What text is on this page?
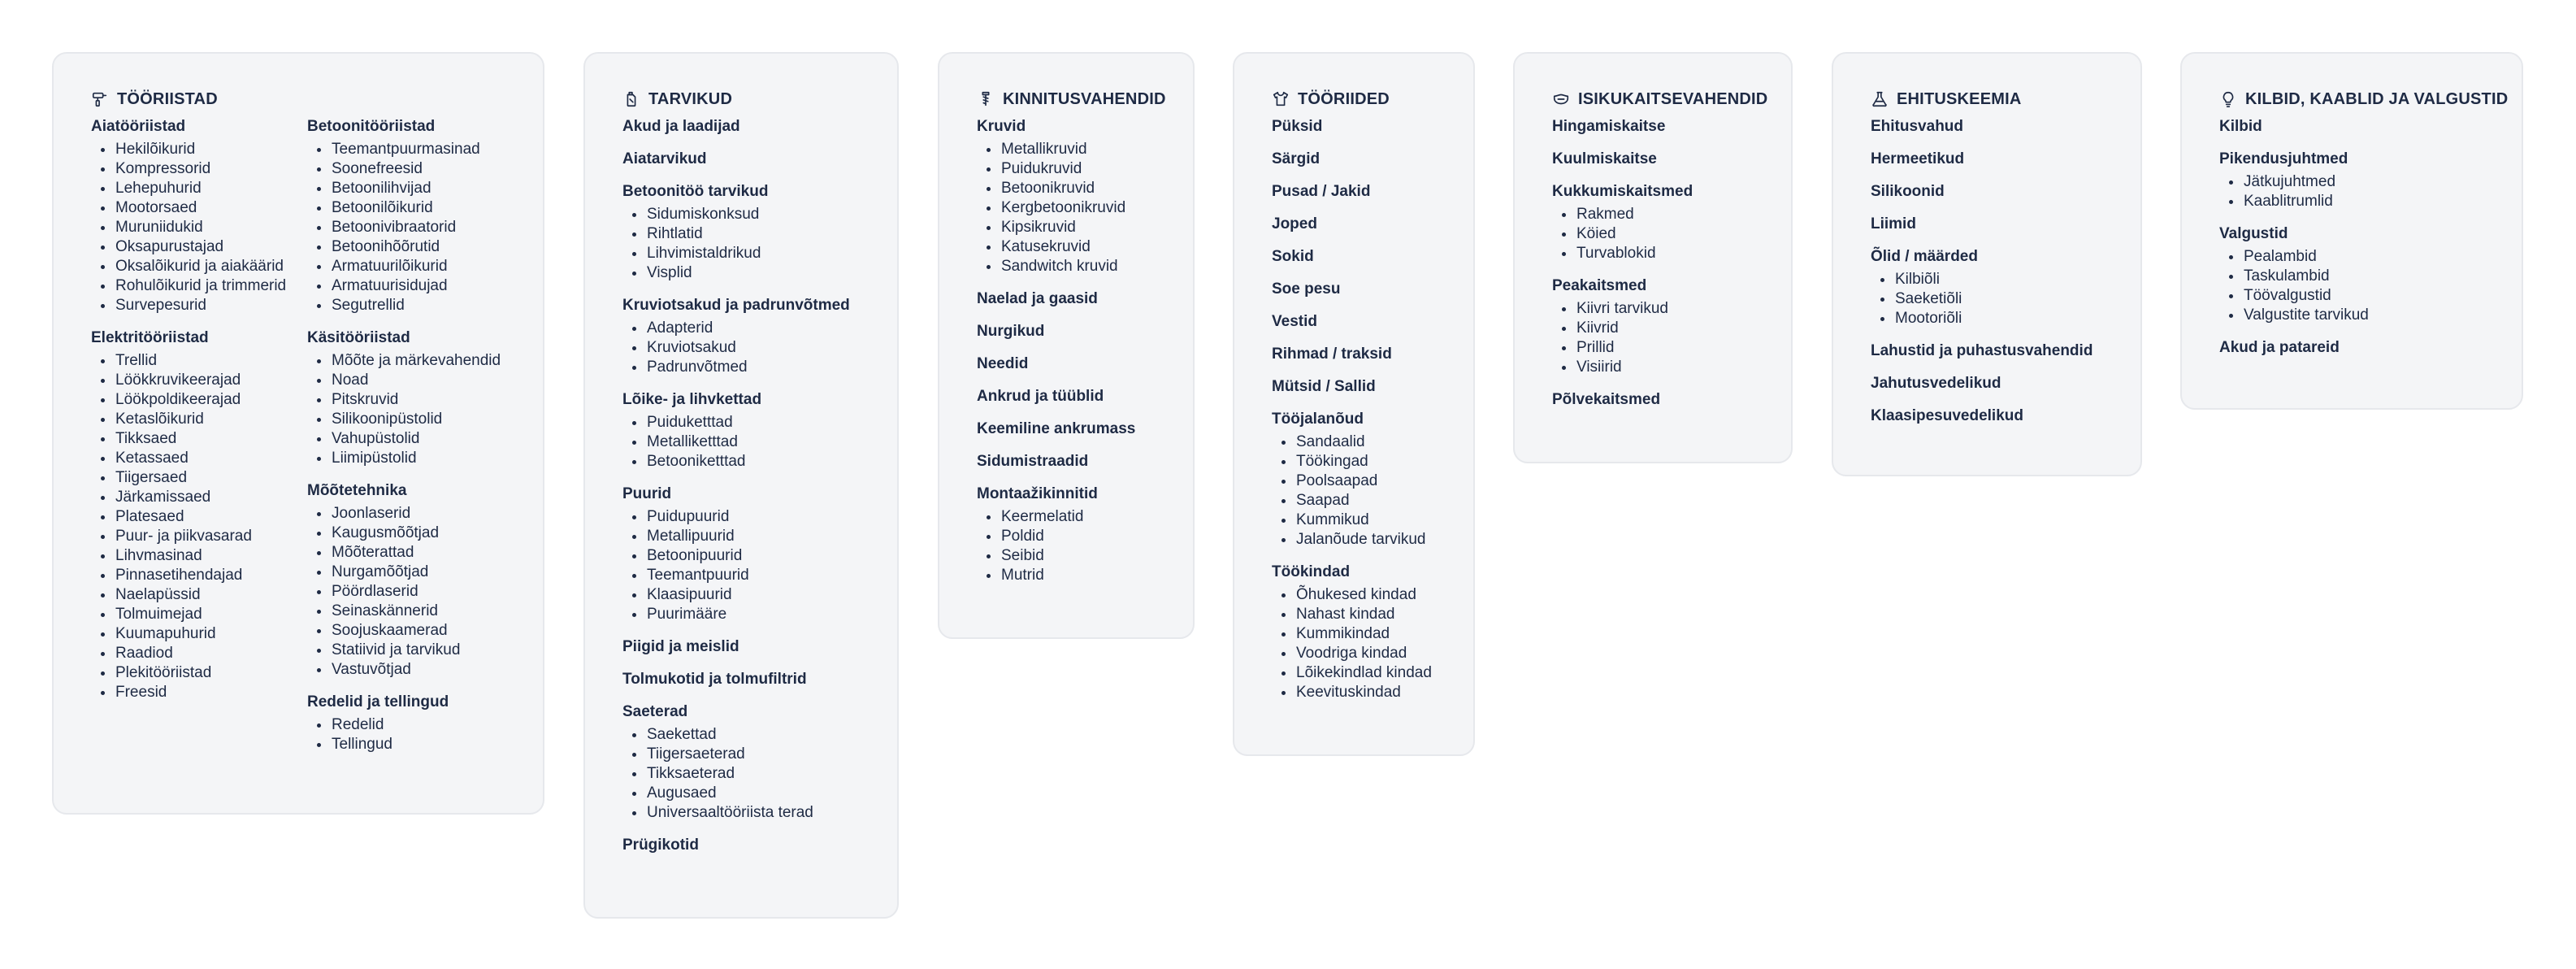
TÖÖRIISTAD
Aiatööriistad
Hekilõikurid
Kompressorid
Lehepuhurid
Mootorsaed
Muruniidukid
Oksapurustajad
Oksalõikurid ja aiakäärid
Rohulõikurid ja trimmerid
Survepesurid
Elektritööriistad
Trellid
Löökkruvikeerajad
Löökpoldikeerajad
Ketaslõikurid
Tikksaed
Ketassaed
Tiigersaed
Järkamissaed
Platesaed
Puur- ja piikvasarad
Lihvmasinad
Pinnasetihendajad
Naelapüssid
Tolmuimejad
Kuumapuhurid
Raadiod
Plekitööriistad
Freesid
Betoonitööriistad
Teemantpuurmasinad
Soonefreesid
Betoonilihvijad
Betoonilõikurid
Betoonivibraatorid
Betoonihõõrutid
Armatuurilõikurid
Armatuurisidujad
Segutrellid
Käsitööriistad
Mõõte ja märkevahendid
Noad
Pitskruvid
Silikoonipüstolid
Vahupüstolid
Liimipüstolid
Mõõtetehnika
Joonlaserid
Kaugusmõõtjad
Mõõterattad
Nurgamõõtjad
Pöördlaserid
Seinaskännerid
Soojuskaamerad
Statiivid ja tarvikud
Vastuvõtjad
Redelid ja tellingud
Redelid
Tellingud
TARVIKUD
Akud ja laadijad
Aiatarvikud
Betoonitöö tarvikud
Sidumiskonksud
Rihtlatid
Lihvimistaldrikud
Visplid
Kruviotsakud ja padrunvõtmed
Adapterid
Kruviotsakud
Padrunvõtmed
Lõike- ja lihvkettad
Puiduketttad
Metalliketttad
Betooniketttad
Puurid
Puidupuurid
Metallipuurid
Betoonipuurid
Teemantpuurid
Klaasipuurid
Puurimääre
Piigid ja meislid
Tolmukotid ja tolmufiltrid
Saeterad
Saekettad
Tiigersaeterad
Tikksaeterad
Augusaed
Universaaltööriista terad
Prügikotid
KINNITUSVAHENDID
Kruvid
Metallikruvid
Puidukruvid
Betoonikruvid
Kergbetoonikruvid
Kipsikruvid
Katusekruvid
Sandwitch kruvid
Naelad ja gaasid
Nurgikud
Needid
Ankrud ja tüüblid
Keemiline ankrumass
Sidumistraadid
Montaažikinnitid
Keermelatid
Poldid
Seibid
Mutrid
TÖÖRIIDED
Püksid
Särgid
Pusad / Jakid
Joped
Sokid
Soe pesu
Vestid
Rihmad / traksid
Mütsid / Sallid
Tööjalanõud
Sandaalid
Töökingad
Poolsaapad
Saapad
Kummikud
Jalanõude tarvikud
Töökindad
Õhukesed kindad
Nahast kindad
Kummikindad
Voodriga kindad
Lõikekindlad kindad
Keevituskindad
ISIKUKAITSEVAHENDID
Hingamiskaitse
Kuulmiskaitse
Kukkumiskaitsmed
Rakmed
Köied
Turvablokid
Peakaitsmed
Kiivri tarvikud
Kiivrid
Prillid
Visiirid
Põlvekaitsmed
EHITUSKEEMIA
Ehitusvahud
Hermeetikud
Silikoonid
Liimid
Õlid / määrded
Kilbiõli
Saeketiõli
Mootoriõli
Lahustid ja puhastusvahendid
Jahutusvedelikud
Klaasipesuvedelikud
KILBID, KAABLID JA VALGUSTID
Kilbid
Pikendusjuhtmed
Jätkujuhtmed
Kaablitrumlid
Valgustid
Pealambid
Taskulambid
Töövalgustid
Valgustite tarvikud
Akud ja patareid
